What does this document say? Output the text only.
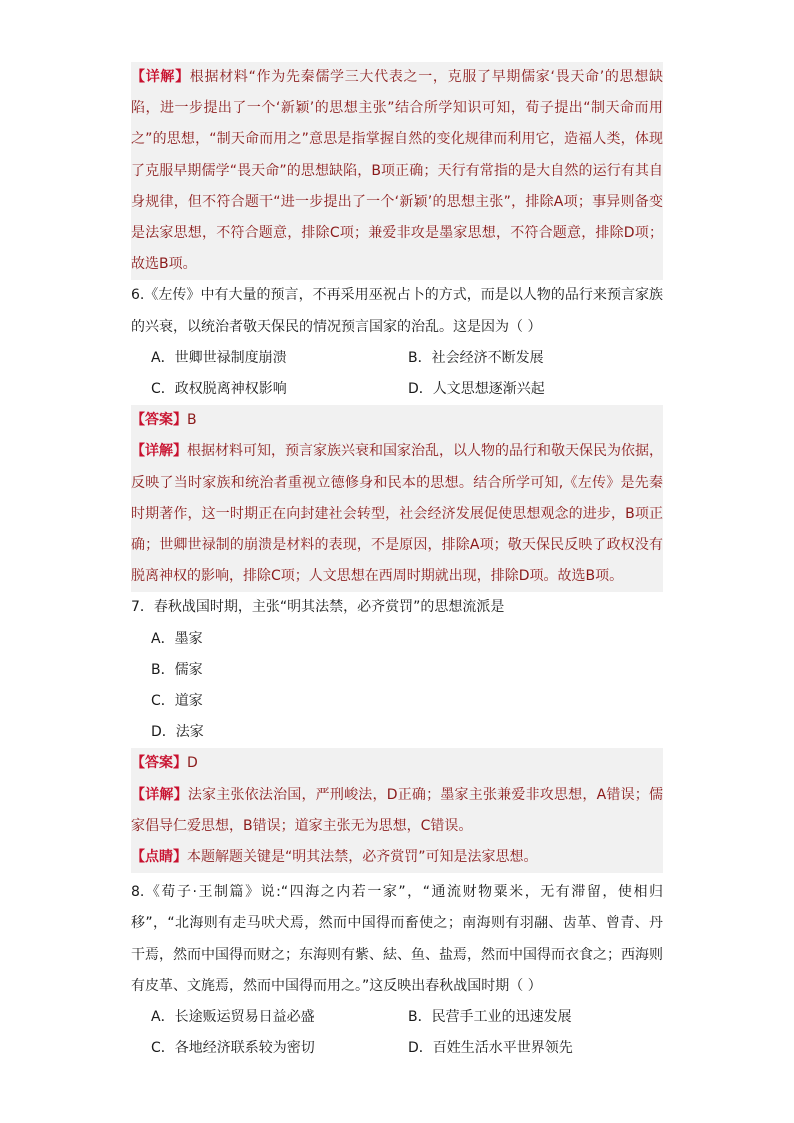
【详解】根据材料“作为先秦儒学三大代表之一，克服了早期儒家‘畏天命’的思想缺陷，进一步提出了一个‘新颖’的思想主张”结合所学知识可知，荀子提出“制天命而用之”的思想，“制天命而用之”意思是指掌握自然的变化规律而利用它，造福人类，体现了克服早期儒学“畏天命”的思想缺陷，B项正确；天行有常指的是大自然的运行有其自身规律，但不符合题干“进一步提出了一个‘新颖’的思想主张”，排除A项；事异则备变是法家思想，不符合题意，排除C项；兼爱非攻是墨家思想，不符合题意，排除D项；故选B项。

6.《左传》中有大量的预言，不再采用巫祝占卜的方式，而是以人物的品行来预言家族的兴衰，以统治者敬天保民的情况预言国家的治乱。这是因为（ ）

A．世卿世禄制度崩溃	B．社会经济不断发展
C．政权脱离神权影响	D．人文思想逐渐兴起

【答案】B

【详解】根据材料可知，预言家族兴衰和国家治乱，以人物的品行和敬天保民为依据，反映了当时家族和统治者重视立德修身和民本的思想。结合所学可知,《左传》是先秦时期著作，这一时期正在向封建社会转型，社会经济发展促使思想观念的进步，B项正确；世卿世禄制的崩溃是材料的表现，不是原因，排除A项；敬天保民反映了政权没有脱离神权的影响，排除C项；人文思想在西周时期就出现，排除D项。故选B项。

7．春秋战国时期，主张“明其法禁，必齐赏罚”的思想流派是

A．墨家

B．儒家

C．道家

D．法家

【答案】D

【详解】法家主张依法治国，严刑峻法，D正确；墨家主张兼爱非攻思想，A错误；儒家倡导仁爱思想，B错误；道家主张无为思想，C错误。

【点睛】本题解题关键是“明其法禁，必齐赏罚”可知是法家思想。

8.《荀子·王制篇》说:“四海之内若一家”，“通流财物粟米，无有滞留，使相归移”，“北海则有走马吠犬焉，然而中国得而畜使之；南海则有羽翮、齿革、曾青、丹干焉，然而中国得而财之；东海则有紫、紶、鱼、盐焉，然而中国得而衣食之；西海则有皮革、文旄焉，然而中国得而用之。”这反映出春秋战国时期（ ）

A．长途贩运贸易日益必盛	B．民营手工业的迅速发展
C．各地经济联系较为密切	D．百姓生活水平世界领先
